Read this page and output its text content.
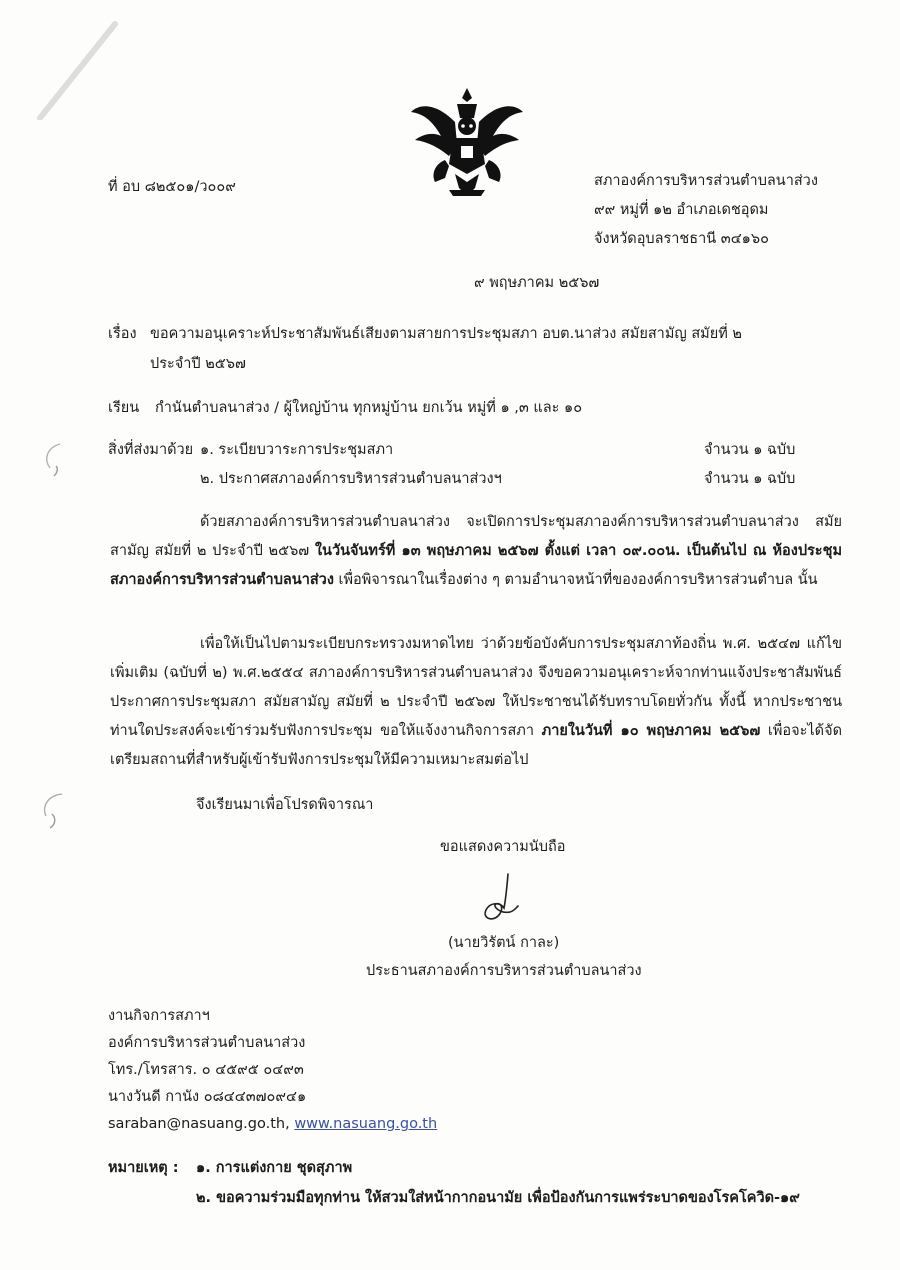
ที่ อบ ๘๒๕๐๑/ว๐๐๙	สภาองค์การบริหารส่วนตำบลนาส่วง
๙๙ หมู่ที่ ๑๒ อำเภอเดชอุดม
จังหวัดอุบลราชธานี ๓๔๑๖๐
๙ พฤษภาคม ๒๕๖๗
เรื่อง ขอความอนุเคราะห์ประชาสัมพันธ์เสียงตามสายการประชุมสภา อบต.นาส่วง สมัยสามัญ สมัยที่ ๒
ประจำปี ๒๕๖๗
เรียน กำนันตำบลนาส่วง / ผู้ใหญ่บ้าน ทุกหมู่บ้าน ยกเว้น หมู่ที่ ๑ ,๓ และ ๑๐
สิ่งที่ส่งมาด้วย ๑. ระเบียบวาระการประชุมสภา	จำนวน ๑ ฉบับ
๒. ประกาศสภาองค์การบริหารส่วนตำบลนาส่วงฯ	จำนวน ๑ ฉบับ
ด้วยสภาองค์การบริหารส่วนตำบลนาส่วง จะเปิดการประชุมสภาองค์การบริหารส่วนตำบลนาส่วง สมัยสามัญ สมัยที่ ๒ ประจำปี ๒๕๖๗ ในวันจันทร์ที่ ๑๓ พฤษภาคม ๒๕๖๗ ตั้งแต่ เวลา ๐๙.๐๐น. เป็นต้นไป ณ ห้องประชุมสภาองค์การบริหารส่วนตำบลนาส่วง เพื่อพิจารณาในเรื่องต่าง ๆ ตามอำนาจหน้าที่ขององค์การบริหารส่วนตำบล นั้น
เพื่อให้เป็นไปตามระเบียบกระทรวงมหาดไทย ว่าด้วยข้อบังคับการประชุมสภาท้องถิ่น พ.ศ. ๒๕๔๗ แก้ไขเพิ่มเติม (ฉบับที่ ๒) พ.ศ.๒๕๕๔ สภาองค์การบริหารส่วนตำบลนาส่วง จึงขอความอนุเคราะห์จากท่านแจ้งประชาสัมพันธ์ประกาศการประชุมสภา สมัยสามัญ สมัยที่ ๒ ประจำปี ๒๕๖๗ ให้ประชาชนได้รับทราบโดยทั่วกัน ทั้งนี้ หากประชาชนท่านใดประสงค์จะเข้าร่วมรับฟังการประชุม ขอให้แจ้งงานกิจการสภา ภายในวันที่ ๑๐ พฤษภาคม ๒๕๖๗ เพื่อจะได้จัดเตรียมสถานที่สำหรับผู้เข้ารับฟังการประชุมให้มีความเหมาะสมต่อไป
จึงเรียนมาเพื่อโปรดพิจารณา
ขอแสดงความนับถือ
(นายวิรัตน์ กาละ)
ประธานสภาองค์การบริหารส่วนตำบลนาส่วง
งานกิจการสภาฯ
องค์การบริหารส่วนตำบลนาส่วง
โทร./โทรสาร. ๐ ๔๕๙๕ ๐๔๙๓
นางวันดี กานัง ๐๘๔๔๓๗๐๙๔๑
saraban@nasuang.go.th, www.nasuang.go.th
หมายเหตุ : ๑. การแต่งกาย ชุดสุภาพ
๒. ขอความร่วมมือทุกท่าน ให้สวมใส่หน้ากากอนามัย เพื่อป้องกันการแพร่ระบาดของโรคโควิด-๑๙
